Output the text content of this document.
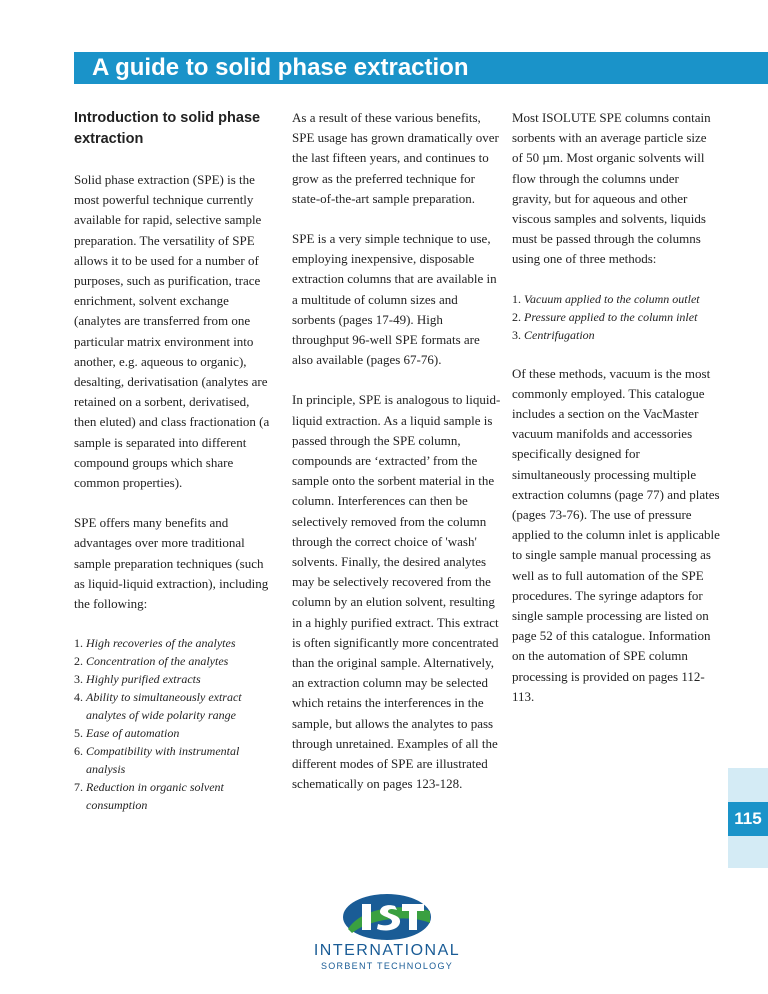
A guide to solid phase extraction
Introduction to solid phase extraction

Solid phase extraction (SPE) is the most powerful technique currently available for rapid, selective sample preparation. The versatility of SPE allows it to be used for a number of purposes, such as purification, trace enrichment, solvent exchange (analytes are transferred from one particular matrix environment into another, e.g. aqueous to organic), desalting, derivatisation (analytes are retained on a sorbent, derivatised, then eluted) and class fractionation (a sample is separated into different compound groups which share common properties).

SPE offers many benefits and advantages over more traditional sample preparation techniques (such as liquid-liquid extraction), including the following:

1. High recoveries of the analytes
2. Concentration of the analytes
3. Highly purified extracts
4. Ability to simultaneously extract analytes of wide polarity range
5. Ease of automation
6. Compatibility with instrumental analysis
7. Reduction in organic solvent consumption

As a result of these various benefits, SPE usage has grown dramatically over the last fifteen years, and continues to grow as the preferred technique for state-of-the-art sample preparation.

SPE is a very simple technique to use, employing inexpensive, disposable extraction columns that are available in a multitude of column sizes and sorbents (pages 17-49). High throughput 96-well SPE formats are also available (pages 67-76).

In principle, SPE is analogous to liquid-liquid extraction. As a liquid sample is passed through the SPE column, compounds are ‘extracted’ from the sample onto the sorbent material in the column. Interferences can then be selectively removed from the column through the correct choice of 'wash' solvents. Finally, the desired analytes may be selectively recovered from the column by an elution solvent, resulting in a highly purified extract. This extract is often significantly more concentrated than the original sample. Alternatively, an extraction column may be selected which retains the interferences in the sample, but allows the analytes to pass through unretained. Examples of all the different modes of SPE are illustrated schematically on pages 123-128.

Most ISOLUTE SPE columns contain sorbents with an average particle size of 50 µm. Most organic solvents will flow through the columns under gravity, but for aqueous and other viscous samples and solvents, liquids must be passed through the columns using one of three methods:

1. Vacuum applied to the column outlet
2. Pressure applied to the column inlet
3. Centrifugation

Of these methods, vacuum is the most commonly employed. This catalogue includes a section on the VacMaster vacuum manifolds and accessories specifically designed for simultaneously processing multiple extraction columns (page 77) and plates (pages 73-76). The use of pressure applied to the column inlet is applicable to single sample manual processing as well as to full automation of the SPE procedures. The syringe adaptors for single sample processing are listed on page 52 of this catalogue. Information on the automation of SPE column processing is provided on pages 112-113.

115
INTERNATIONAL
SORBENT TECHNOLOGY
